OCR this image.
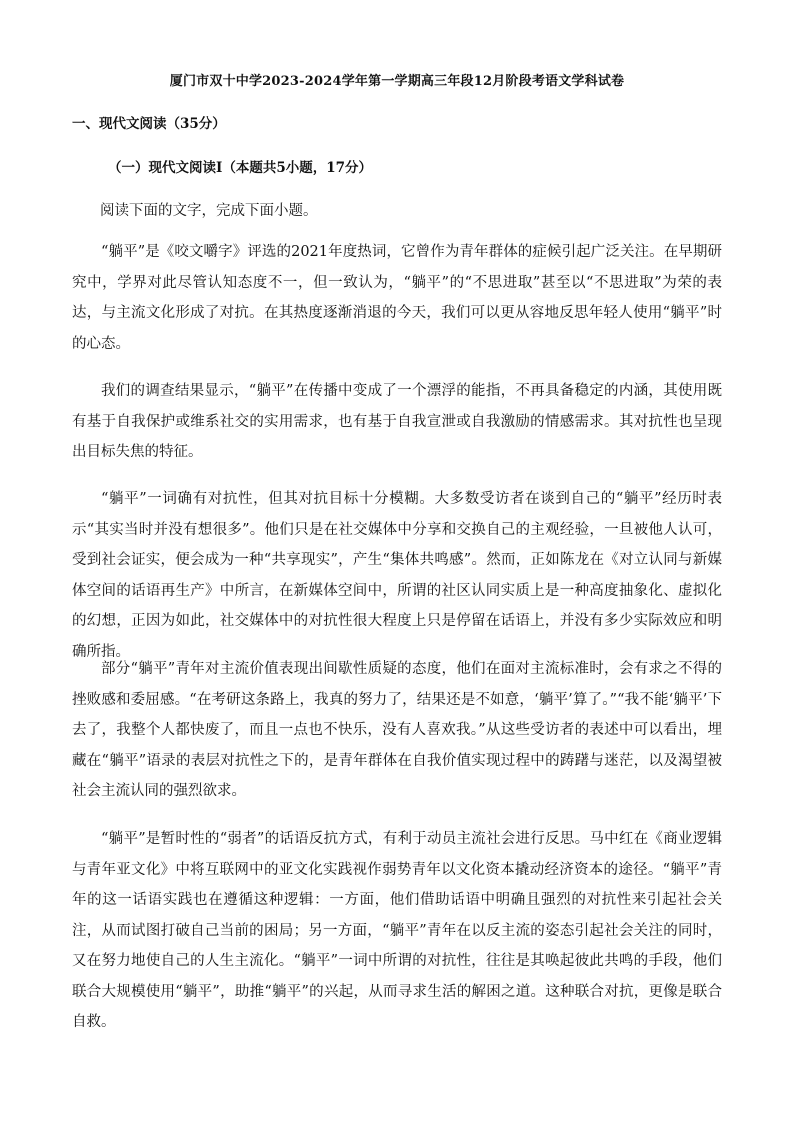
厦门市双十中学2023-2024学年第一学期高三年段12月阶段考语文学科试卷
一、现代文阅读（35分）
（一）现代文阅读Ⅰ（本题共5小题，17分）
阅读下面的文字，完成下面小题。

“躺平”是《咬文嚼字》评选的2021年度热词，它曾作为青年群体的症候引起广泛关注。在早期研究中，学界对此尽管认知态度不一，但一致认为，“躺平”的“不思进取”甚至以“不思进取”为荣的表达，与主流文化形成了对抗。在其热度逐渐消退的今天，我们可以更从容地反思年轻人使用“躺平”时的心态。

我们的调查结果显示，“躺平”在传播中变成了一个漂浮的能指，不再具备稳定的内涵，其使用既有基于自我保护或维系社交的实用需求，也有基于自我宣泄或自我激励的情感需求。其对抗性也呈现出目标失焦的特征。

“躺平”一词确有对抗性，但其对抗目标十分模糊。大多数受访者在谈到自己的“躺平”经历时表示“其实当时并没有想很多”。他们只是在社交媒体中分享和交换自己的主观经验，一旦被他人认可，受到社会证实，便会成为一种“共享现实”，产生“集体共鸣感”。然而，正如陈龙在《对立认同与新媒体空间的话语再生产》中所言，在新媒体空间中，所谓的社区认同实质上是一种高度抽象化、虚拟化的幻想，正因为如此，社交媒体中的对抗性很大程度上只是停留在话语上，并没有多少实际效应和明确所指。

部分“躺平”青年对主流价值表现出间歇性质疑的态度，他们在面对主流标准时，会有求之不得的挫败感和委屈感。“在考研这条路上，我真的努力了，结果还是不如意，‘躺平’算了。”“我不能‘躺平’下去了，我整个人都快废了，而且一点也不快乐，没有人喜欢我。”从这些受访者的表述中可以看出，埋藏在“躺平”语录的表层对抗性之下的，是青年群体在自我价值实现过程中的踌躇与迷茫，以及渴望被社会主流认同的强烈欲求。

“躺平”是暂时性的“弱者”的话语反抗方式，有利于动员主流社会进行反思。马中红在《商业逻辑与青年亚文化》中将互联网中的亚文化实践视作弱势青年以文化资本撬动经济资本的途径。“躺平”青年的这一话语实践也在遵循这种逻辑：一方面，他们借助话语中明确且强烈的对抗性来引起社会关注，从而试图打破自己当前的困局；另一方面，“躺平”青年在以反主流的姿态引起社会关注的同时，又在努力地使自己的人生主流化。“躺平”一词中所谓的对抗性，往往是其唤起彼此共鸣的手段，他们联合大规模使用“躺平”，助推“躺平”的兴起，从而寻求生活的解困之道。这种联合对抗，更像是联合自救。
